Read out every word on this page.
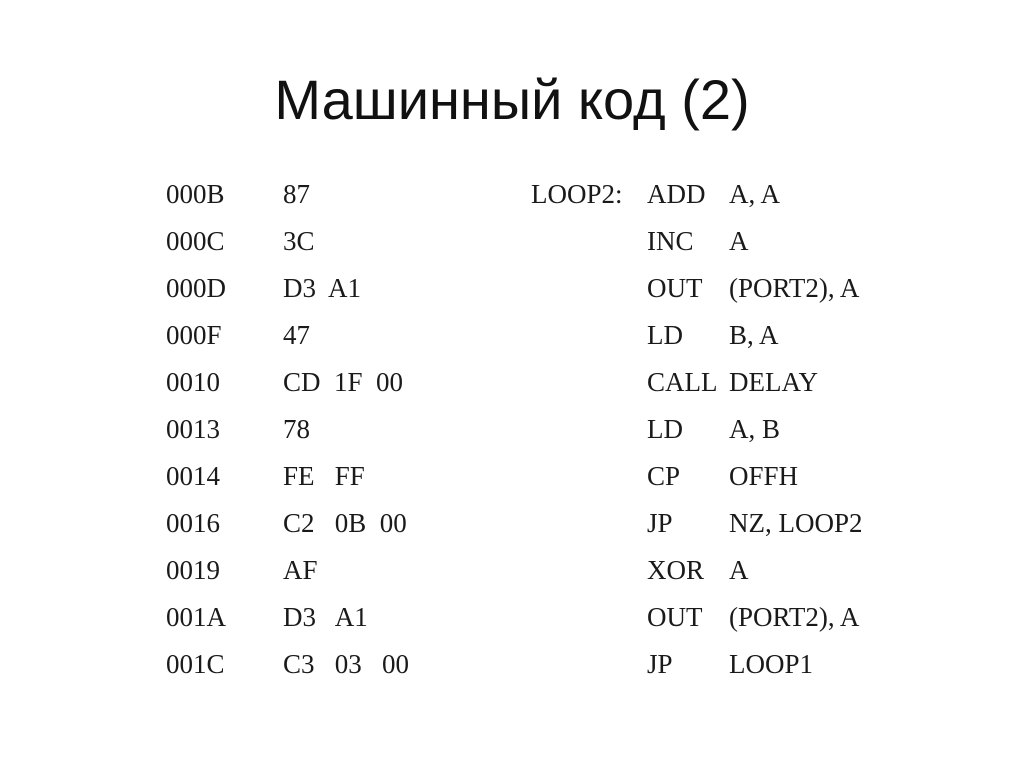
Машинный код (2)
000B 87	LOOP2: ADD A, A
000C 3C	INC A
000D D3  A1	OUT (PORT2), A
000F 47	LD B, A
0010 CD  1F  00	CALL DELAY
0013 78	LD A, B
0014 FE   FF	CP OFFH
0016 C2   0B  00	JP NZ, LOOP2
0019 AF	XOR A
001A D3   A1	OUT (PORT2), A
001C C3   03   00	JP LOOP1
